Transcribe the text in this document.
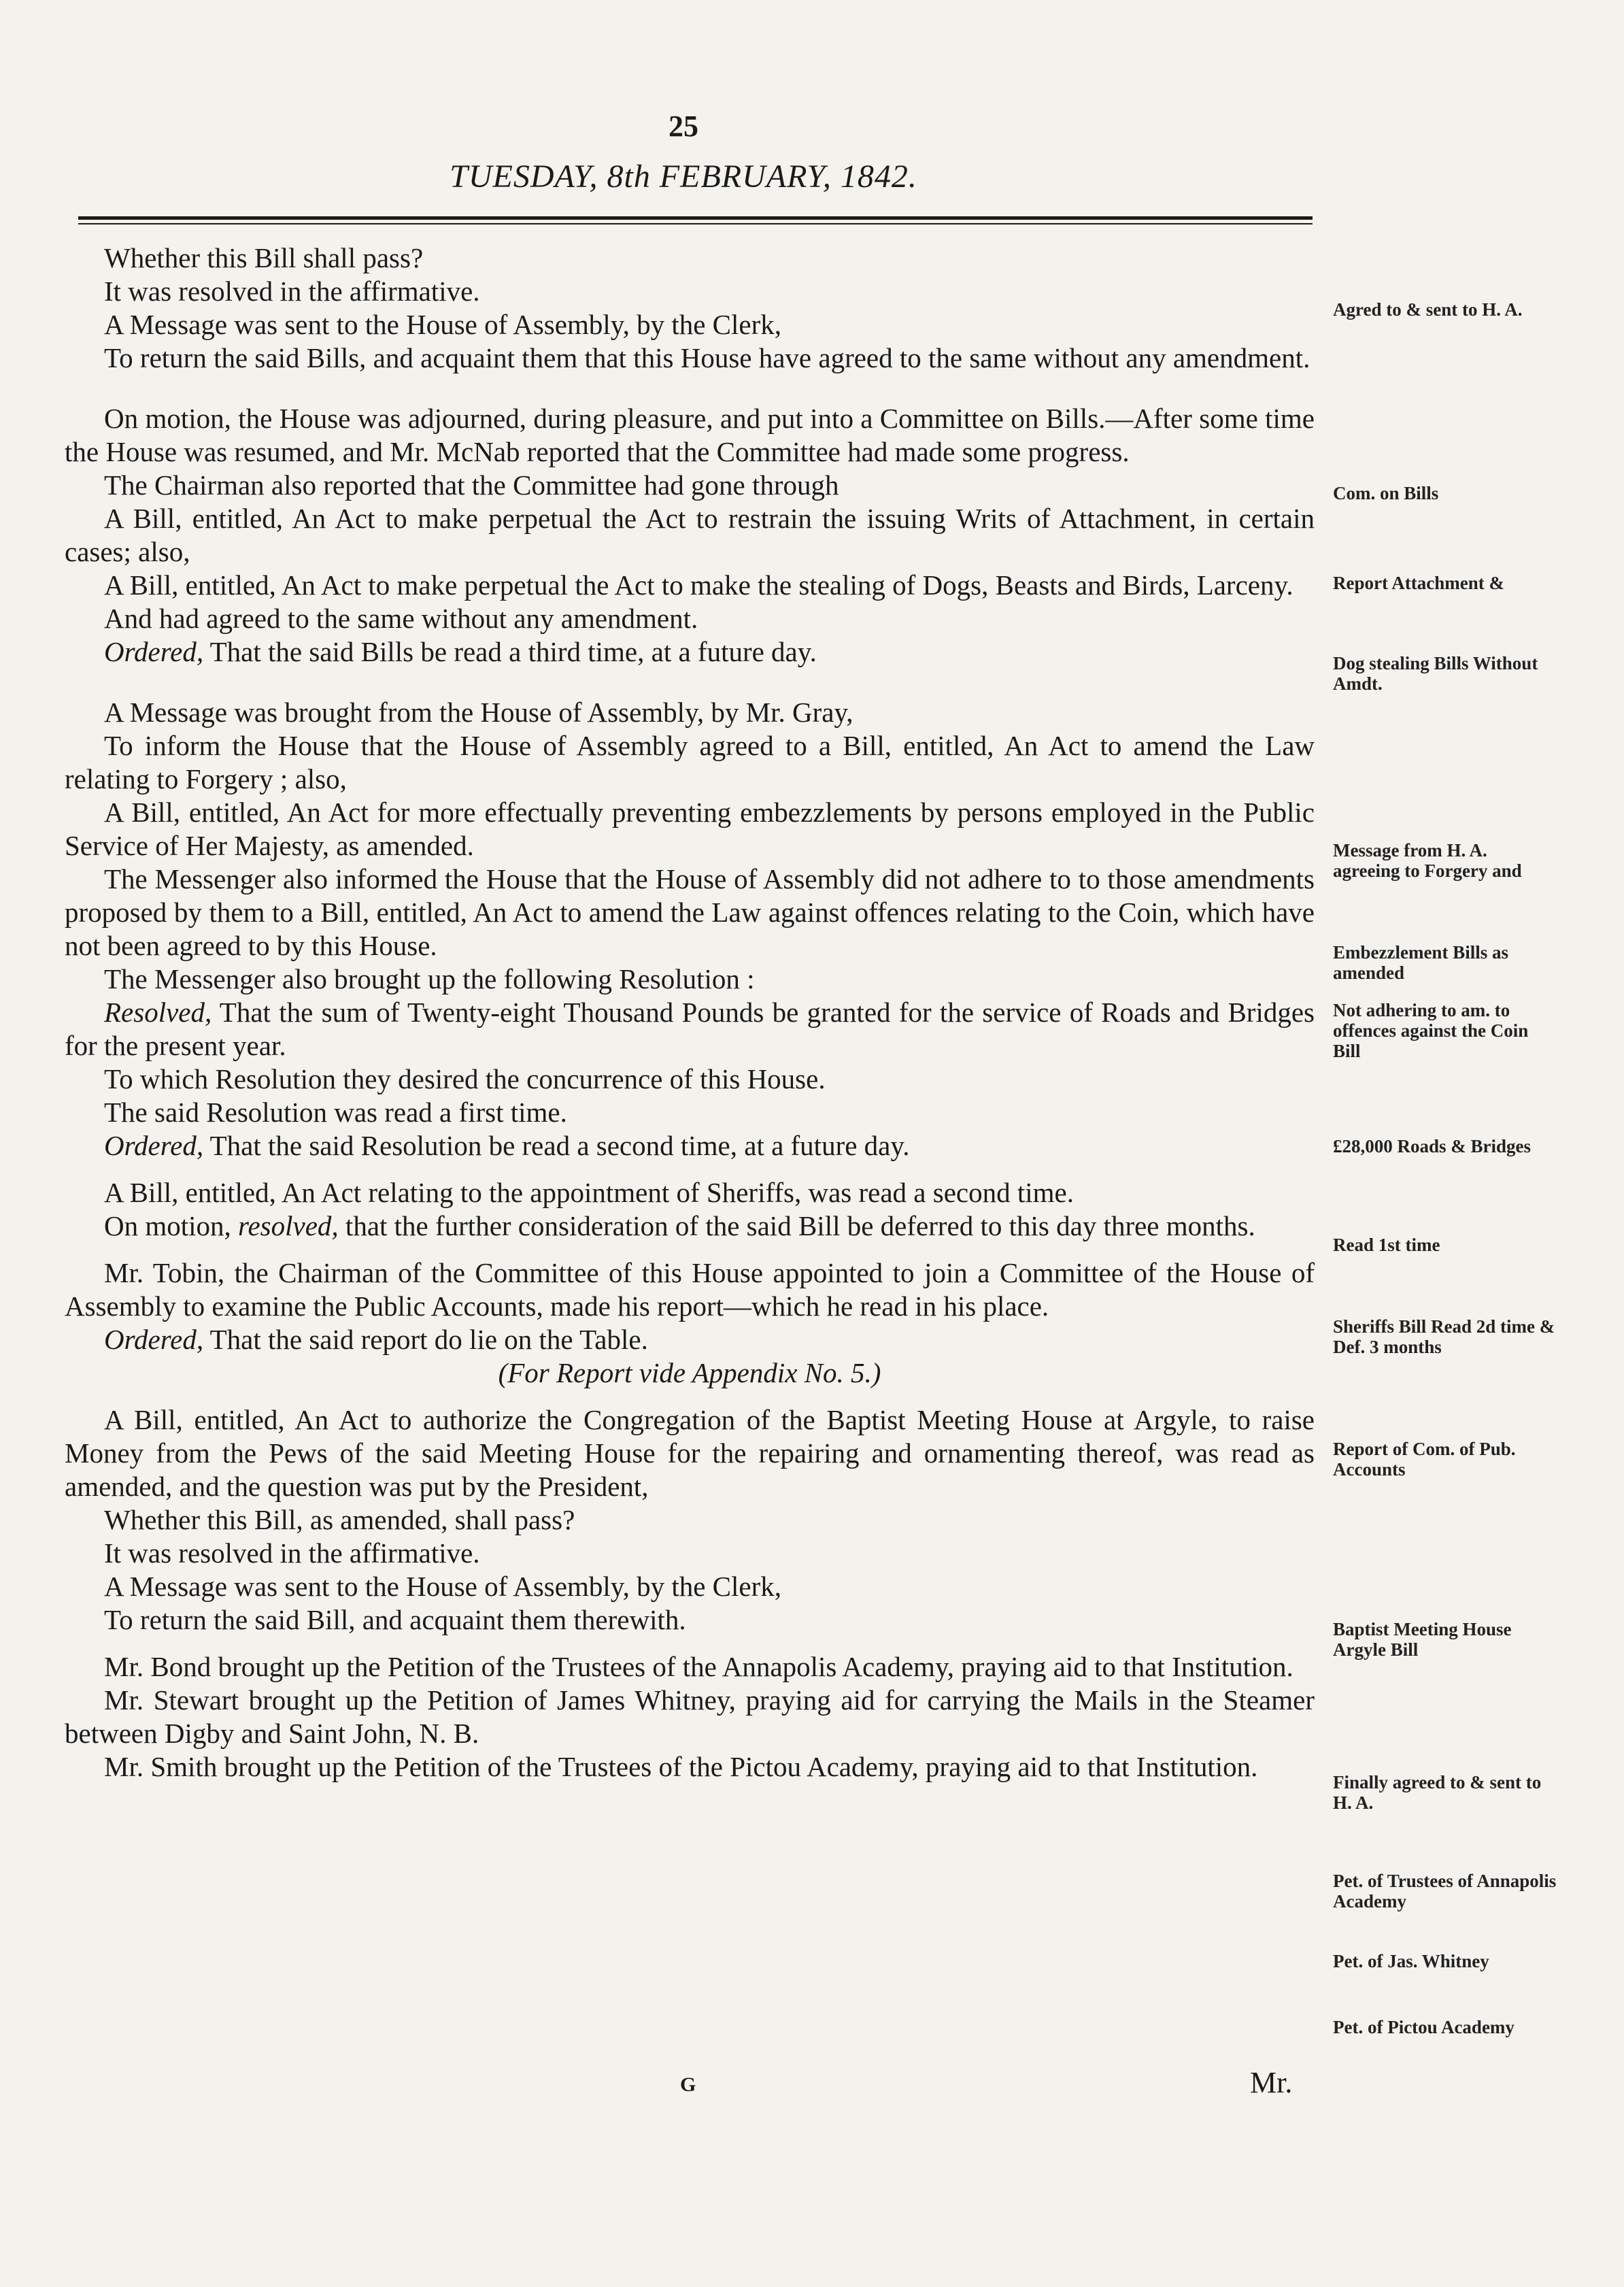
25
TUESDAY, 8th FEBRUARY, 1842.

Whether this Bill shall pass?

It was resolved in the affirmative.

A Message was sent to the House of Assembly, by the Clerk,

To return the said Bills, and acquaint them that this House have agreed to the same without any amendment.

On motion, the House was adjourned, during pleasure, and put into a Committee on Bills.—After some time the House was resumed, and Mr. McNab reported that the Committee had made some progress.

The Chairman also reported that the Committee had gone through

A Bill, entitled, An Act to make perpetual the Act to restrain the issuing Writs of Attachment, in certain cases; also,

A Bill, entitled, An Act to make perpetual the Act to make the stealing of Dogs, Beasts and Birds, Larceny.

And had agreed to the same without any amendment.

Ordered, That the said Bills be read a third time, at a future day.

A Message was brought from the House of Assembly, by Mr. Gray,

To inform the House that the House of Assembly agreed to a Bill, entitled, An Act to amend the Law relating to Forgery ; also,

A Bill, entitled, An Act for more effectually preventing embezzlements by persons employed in the Public Service of Her Majesty, as amended.

The Messenger also informed the House that the House of Assembly did not adhere to to those amendments proposed by them to a Bill, entitled, An Act to amend the Law against offences relating to the Coin, which have not been agreed to by this House.

The Messenger also brought up the following Resolution :

Resolved, That the sum of Twenty-eight Thousand Pounds be granted for the service of Roads and Bridges for the present year.

To which Resolution they desired the concurrence of this House.

The said Resolution was read a first time.

Ordered, That the said Resolution be read a second time, at a future day.

A Bill, entitled, An Act relating to the appointment of Sheriffs, was read a second time.

On motion, resolved, that the further consideration of the said Bill be deferred to this day three months.

Mr. Tobin, the Chairman of the Committee of this House appointed to join a Committee of the House of Assembly to examine the Public Accounts, made his report—which he read in his place.

Ordered, That the said report do lie on the Table.

(For Report vide Appendix No. 5.)

A Bill, entitled, An Act to authorize the Congregation of the Baptist Meeting House at Argyle, to raise Money from the Pews of the said Meeting House for the repairing and ornamenting thereof, was read as amended, and the question was put by the President,

Whether this Bill, as amended, shall pass?

It was resolved in the affirmative.

A Message was sent to the House of Assembly, by the Clerk,

To return the said Bill, and acquaint them therewith.

Mr. Bond brought up the Petition of the Trustees of the Annapolis Academy, praying aid to that Institution.

Mr. Stewart brought up the Petition of James Whitney, praying aid for carrying the Mails in the Steamer between Digby and Saint John, N. B.

Mr. Smith brought up the Petition of the Trustees of the Pictou Academy, praying aid to that Institution.

Agred to & sent to H. A.
Com. on Bills
Report Attachment &
Dog stealing Bills Without Amdt.
Message from H. A. agreeing to Forgery and
Embezzlement Bills as amended
Not adhering to am. to offences against the Coin Bill
£28,000 Roads & Bridges
Read 1st time
Sheriffs Bill Read 2d time & Def. 3 months
Report of Com. of Pub. Accounts
Baptist Meeting House Argyle Bill
Finally agreed to & sent to H. A.
Pet. of Trustees of Annapolis Academy
Pet. of Jas. Whitney
Pet. of Pictou Academy
G	Mr.
